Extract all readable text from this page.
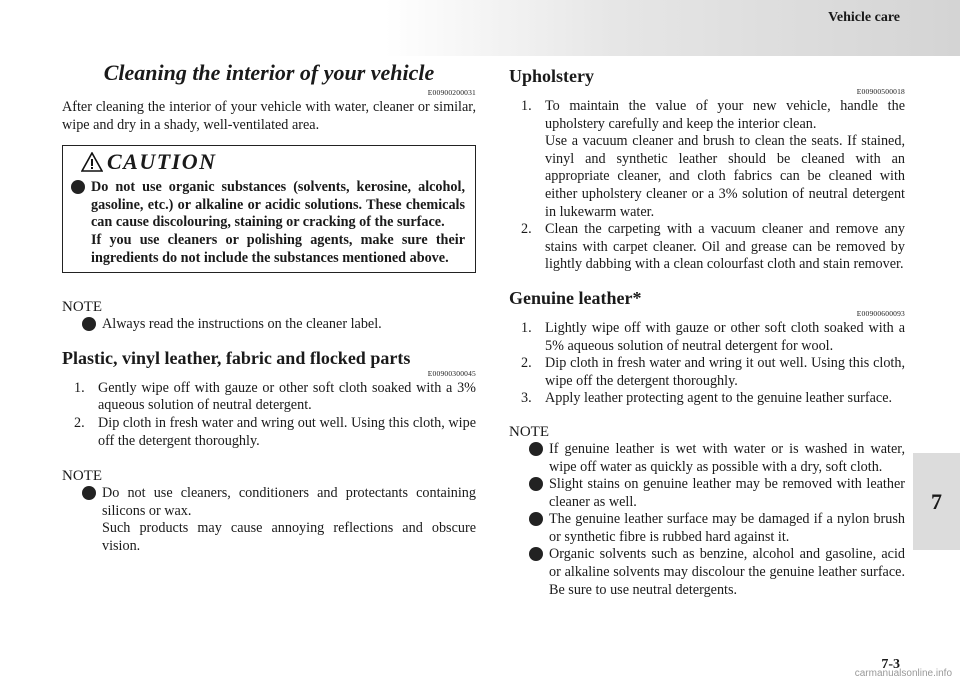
Vehicle care
7
7-3
carmanualsonline.info
Cleaning the interior of your vehicle
E00900200031

After cleaning the interior of your vehicle with water, cleaner or similar, wipe and dry in a shady, well-ventilated area.

CAUTION

Do not use organic substances (solvents, kerosine, alcohol, gasoline, etc.) or alkaline or acidic solutions. These chemicals can cause discolouring, staining or cracking of the surface.

If you use cleaners or polishing agents, make sure their ingredients do not include the substances mentioned above.

NOTE

Always read the instructions on the cleaner label.

Plastic, vinyl leather, fabric and flocked parts
E00900300045
1. Gently wipe off with gauze or other soft cloth soaked with a 3% aqueous solution of neutral detergent.
2. Dip cloth in fresh water and wring out well. Using this cloth, wipe off the detergent thoroughly.
NOTE

Do not use cleaners, conditioners and protectants containing silicons or wax.

Such products may cause annoying reflections and obscure vision.

Upholstery
E00900500018
1. To maintain the value of your new vehicle, handle the upholstery carefully and keep the interior clean.

Use a vacuum cleaner and brush to clean the seats. If stained, vinyl and synthetic leather should be cleaned with an appropriate cleaner, and cloth fabrics can be cleaned with either upholstery cleaner or a 3% solution of neutral detergent in lukewarm water.

2. Clean the carpeting with a vacuum cleaner and remove any stains with carpet cleaner. Oil and grease can be removed by lightly dabbing with a clean colourfast cloth and stain remover.
Genuine leather*
E00900600093
1. Lightly wipe off with gauze or other soft cloth soaked with a 5% aqueous solution of neutral detergent for wool.
2. Dip cloth in fresh water and wring it out well. Using this cloth, wipe off the detergent thoroughly.
3. Apply leather protecting agent to the genuine leather surface.
NOTE

If genuine leather is wet with water or is washed in water, wipe off water as quickly as possible with a dry, soft cloth.

Slight stains on genuine leather may be removed with leather cleaner as well.

The genuine leather surface may be damaged if a nylon brush or synthetic fibre is rubbed hard against it.

Organic solvents such as benzine, alcohol and gasoline, acid or alkaline solvents may discolour the genuine leather surface. Be sure to use neutral detergents.
